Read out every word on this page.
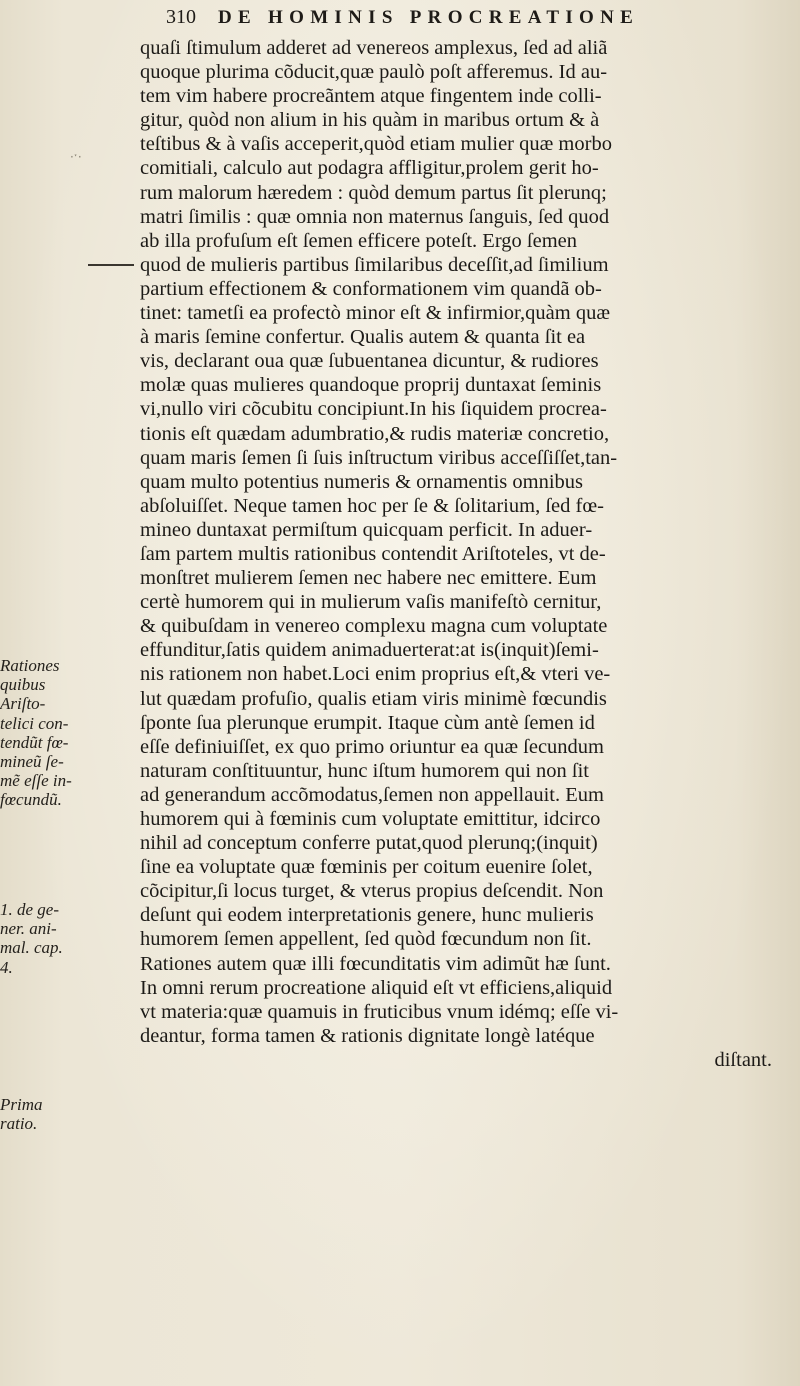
·ˑ·
310	DE HOMINIS PROCREATIONE
Rationes
quibus
Ariſto-
telici con-
tendũt fœ-
mineũ ſe-
mẽ eſſe in-
fœcundũ.
1. de ge-
ner. ani-
mal. cap.
4.
Prima
ratio.
quaſi ſtimulum adderet ad venereos amplexus, ſed ad aliã
quoque plurima cõducit,quæ paulò poſt afferemus. Id au-
tem vim habere procreãntem atque fingentem inde colli-
gitur, quòd non alium in his quàm in maribus ortum & à
teſtibus & à vaſis acceperit,quòd etiam mulier quæ morbo
comitiali, calculo aut podagra affligitur,prolem gerit ho-
rum malorum hæredem : quòd demum partus ſit plerunq;
matri ſimilis : quæ omnia non maternus ſanguis, ſed quod
ab illa profuſum eſt ſemen efficere poteſt. Ergo ſemen
quod de mulieris partibus ſimilaribus deceſſit,ad ſimilium
partium effectionem & conformationem vim quandã ob-
tinet: tametſi ea profectò minor eſt & infirmior,quàm quæ
à maris ſemine confertur. Qualis autem & quanta ſit ea
vis, declarant oua quæ ſubuentanea dicuntur, & rudiores
molæ quas mulieres quandoque proprij duntaxat ſeminis
vi,nullo viri cõcubitu concipiunt.In his ſiquidem procrea-
tionis eſt quædam adumbratio,& rudis materiæ concretio,
quam maris ſemen ſi ſuis inſtructum viribus acceſſiſſet,tan-
quam multo potentius numeris & ornamentis omnibus
abſoluiſſet. Neque tamen hoc per ſe & ſolitarium, ſed fœ-
mineo duntaxat permiſtum quicquam perficit. In aduer-
ſam partem multis rationibus contendit Ariſtoteles, vt de-
monſtret mulierem ſemen nec habere nec emittere. Eum
certè humorem qui in mulierum vaſis manifeſtò cernitur,
& quibuſdam in venereo complexu magna cum voluptate
effunditur,ſatis quidem animaduerterat:at is(inquit)ſemi-
nis rationem non habet.Loci enim proprius eſt,& vteri ve-
lut quædam profuſio, qualis etiam viris minimè fœcundis
ſponte ſua plerunque erumpit. Itaque cùm antè ſemen id
eſſe definiuiſſet, ex quo primo oriuntur ea quæ ſecundum
naturam conſtituuntur, hunc iſtum humorem qui non ſit
ad generandum accõmodatus,ſemen non appellauit. Eum
humorem qui à fœminis cum voluptate emittitur, idcirco
nihil ad conceptum conferre putat,quod plerunq;(inquit)
ſine ea voluptate quæ fœminis per coitum euenire ſolet,
cõcipitur,ſi locus turget, & vterus propius deſcendit. Non
deſunt qui eodem interpretationis genere, hunc mulieris
humorem ſemen appellent, ſed quòd fœcundum non ſit.
Rationes autem quæ illi fœcunditatis vim adimũt hæ ſunt.
In omni rerum procreatione aliquid eſt vt efficiens,aliquid
vt materia:quæ quamuis in fruticibus vnum idémq; eſſe vi-
deantur, forma tamen & rationis dignitate longè latéque
diſtant.
